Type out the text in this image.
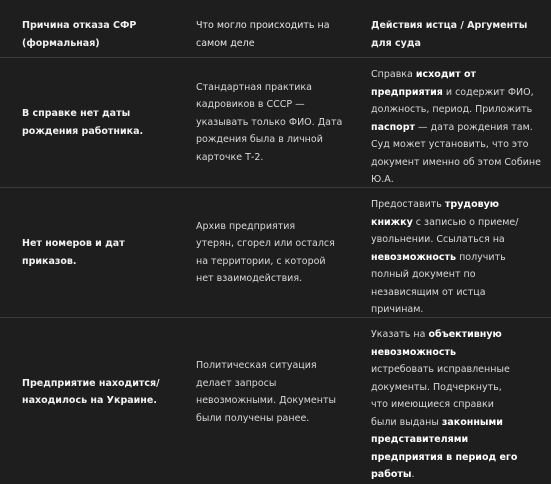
Причина отказа СФР (формальная)
Что могло происходить на самом деле
Действия истца / Аргументы для суда
В справке нет даты рождения работника.
Стандартная практика кадровиков в СССР — указывать только ФИО. Дата рождения была в личной карточке Т-2.
Справка исходит от предприятия и содержит ФИО, должность, период. Приложить паспорт — дата рождения там. Суд может установить, что это документ именно об этом Собине Ю.А.
Нет номеров и дат приказов.
Архив предприятия утерян, сгорел или остался на территории, с которой нет взаимодействия.
Предоставить трудовую книжку с записью о приеме/увольнении. Ссылаться на невозможность получить полный документ по независящим от истца причинам.
Предприятие находится/находилось на Украине.
Политическая ситуация делает запросы невозможными. Документы были получены ранее.
Указать на объективную невозможность истребовать исправленные документы. Подчеркнуть, что имеющиеся справки были выданы законными представителями предприятия в период его работы.
